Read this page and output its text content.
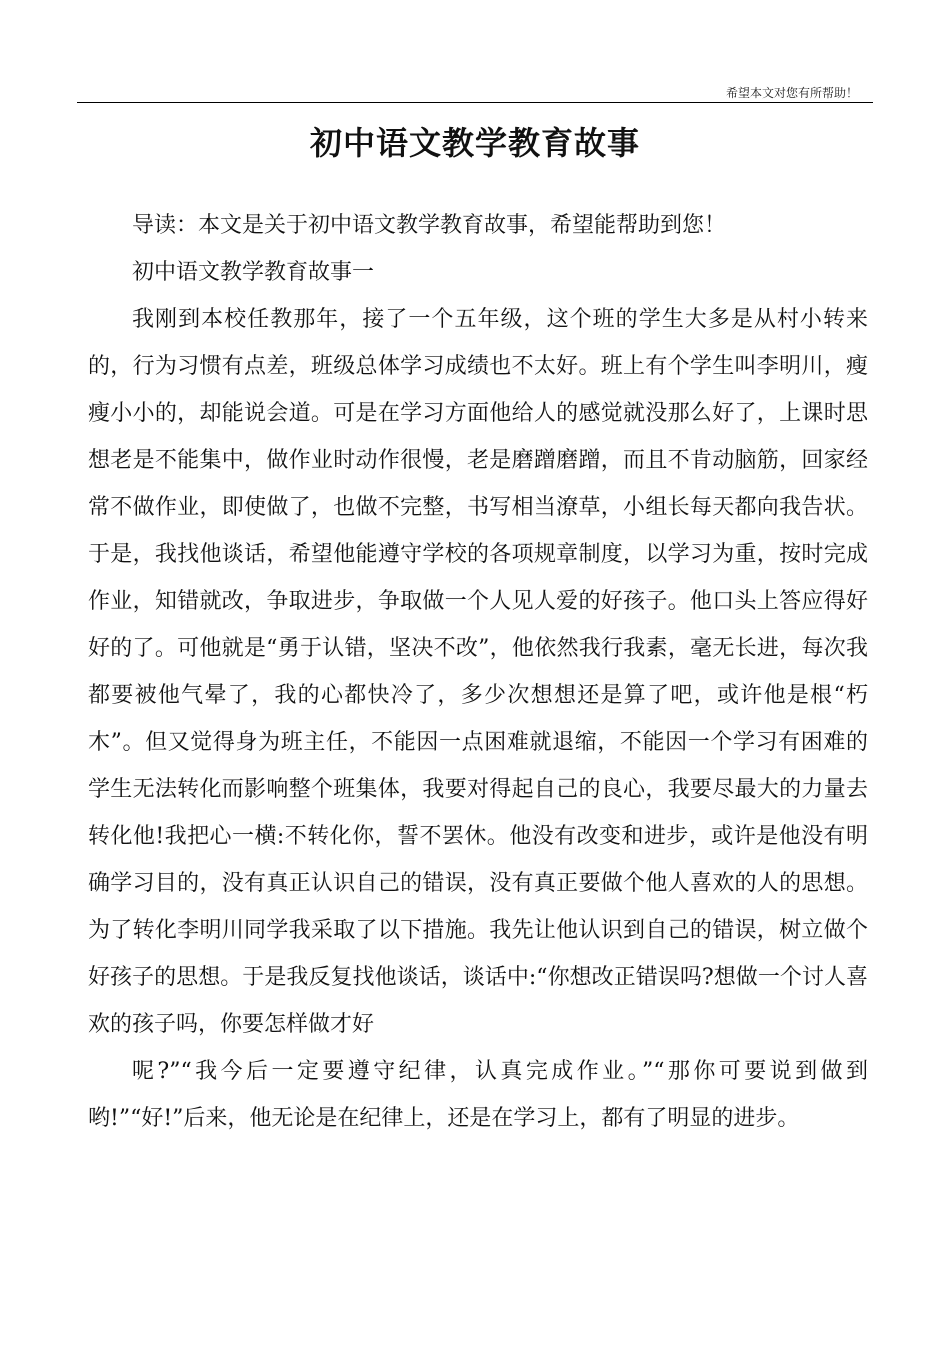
希望本文对您有所帮助！
初中语文教学教育故事

导读：本文是关于初中语文教学教育故事，希望能帮助到您！

初中语文教学教育故事一

我刚到本校任教那年，接了一个五年级，这个班的学生大多是从村小转来的，行为习惯有点差，班级总体学习成绩也不太好。班上有个学生叫李明川，瘦瘦小小的，却能说会道。可是在学习方面他给人的感觉就没那么好了，上课时思想老是不能集中，做作业时动作很慢，老是磨蹭磨蹭，而且不肯动脑筋，回家经常不做作业，即使做了，也做不完整，书写相当潦草，小组长每天都向我告状。于是，我找他谈话，希望他能遵守学校的各项规章制度，以学习为重，按时完成作业，知错就改，争取进步，争取做一个人见人爱的好孩子。他口头上答应得好好的了。可他就是“勇于认错，坚决不改”，他依然我行我素，毫无长进，每次我都要被他气晕了，我的心都快冷了，多少次想想还是算了吧，或许他是根“朽木”。但又觉得身为班主任，不能因一点困难就退缩，不能因一个学习有困难的学生无法转化而影响整个班集体，我要对得起自己的良心，我要尽最大的力量去转化他!我把心一横:不转化你，誓不罢休。他没有改变和进步，或许是他没有明确学习目的，没有真正认识自己的错误，没有真正要做个他人喜欢的人的思想。 为了转化李明川同学我采取了以下措施。我先让他认识到自己的错误，树立做个好孩子的思想。于是我反复找他谈话，谈话中:“你想改正错误吗?想做一个讨人喜欢的孩子吗，你要怎样做才好

呢?”“我今后一定要遵守纪律，认真完成作业。”“那你可要说到做到哟!”“好!”后来，他无论是在纪律上，还是在学习上，都有了明显的进步。
